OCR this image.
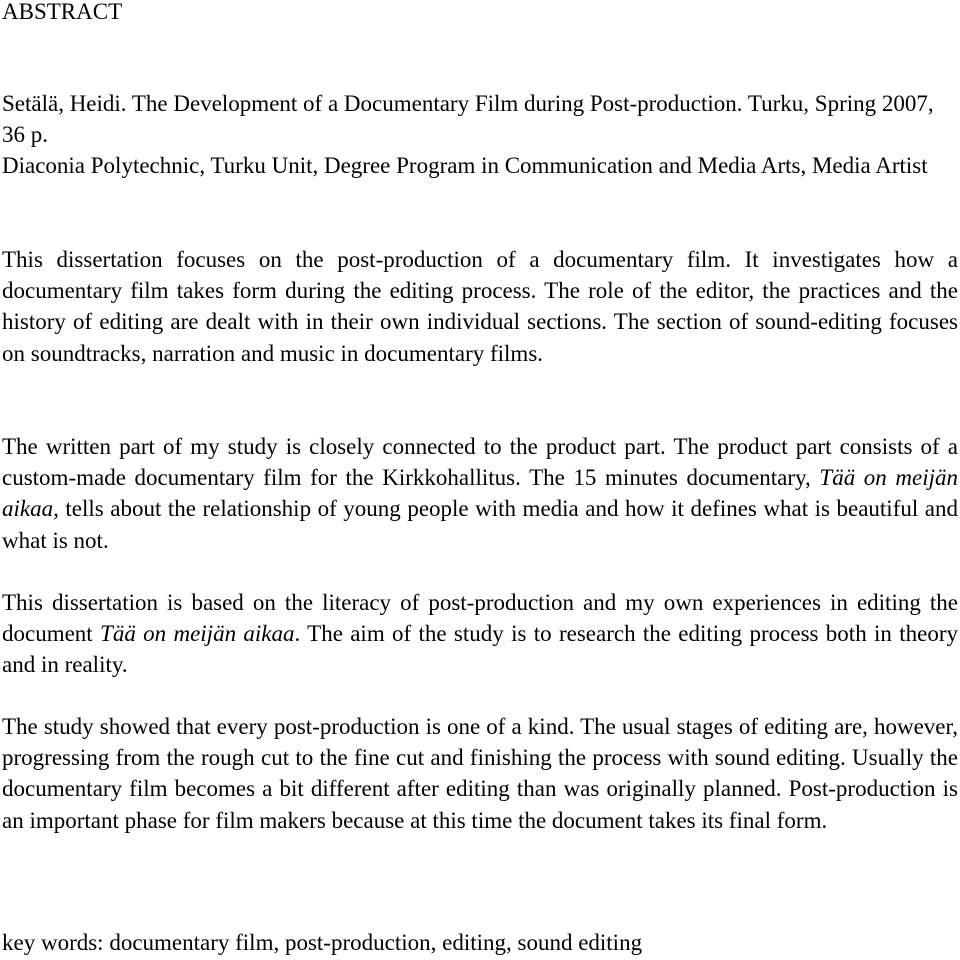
ABSTRACT

Setälä, Heidi. The Development of a Documentary Film during Post-production. Turku, Spring 2007, 36 p.

Diaconia Polytechnic, Turku Unit, Degree Program in Communication and Media Arts, Media Artist

This dissertation focuses on the post-production of a documentary film. It investigates how a documentary film takes form during the editing process. The role of the editor, the practices and the history of editing are dealt with in their own individual sections. The section of sound-editing focuses on soundtracks, narration and music in documentary films.

The written part of my study is closely connected to the product part. The product part consists of a custom-made documentary film for the Kirkkohallitus. The 15 minutes documentary, Tää on meijän aikaa, tells about the relationship of young people with media and how it defines what is beautiful and what is not.

This dissertation is based on the literacy of post-production and my own experiences in editing the document Tää on meijän aikaa. The aim of the study is to research the editing process both in theory and in reality.

The study showed that every post-production is one of a kind. The usual stages of editing are, however, progressing from the rough cut to the fine cut and finishing the process with sound editing. Usually the documentary film becomes a bit different after editing than was originally planned. Post-production is an important phase for film makers because at this time the document takes its final form.

key words: documentary film, post-production, editing, sound editing
